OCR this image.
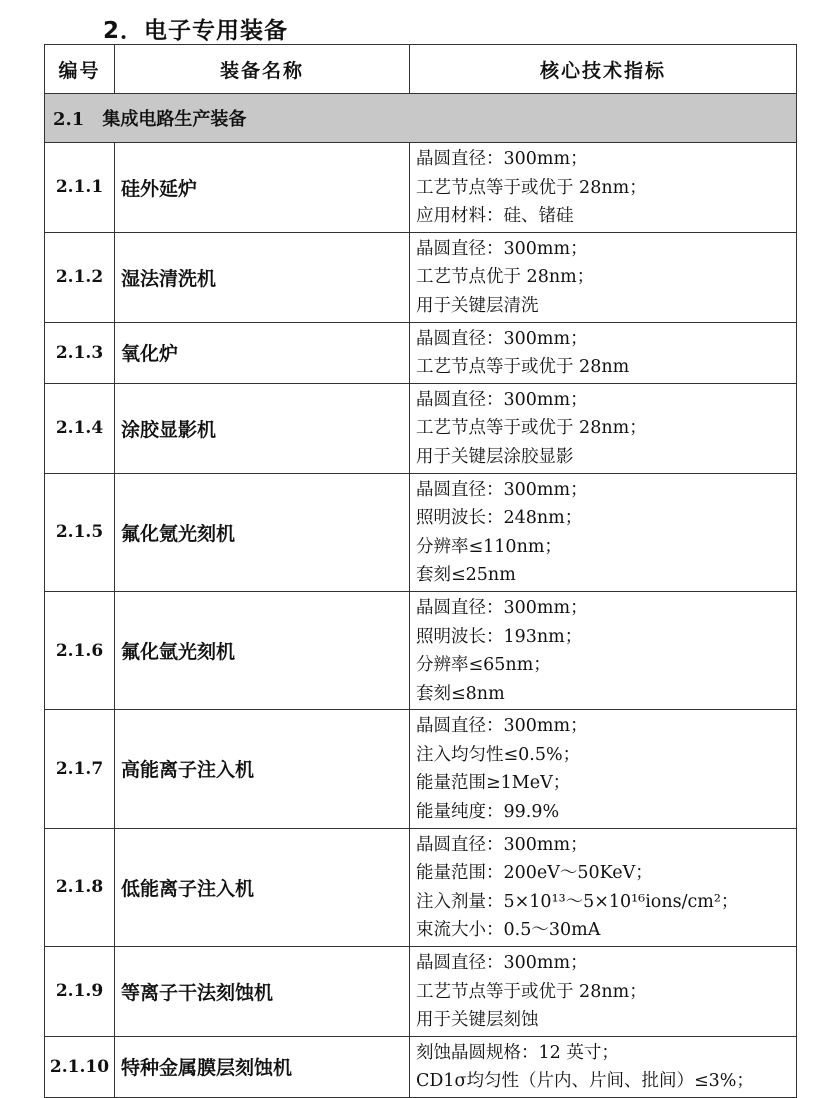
2．电子专用装备
编号	装备名称	核心技术指标
2.1 集成电路生产装备		
2.1.1	硅外延炉	晶圆直径：300mm；
工艺节点等于或优于 28nm；
应用材料：硅、锗硅

2.1.2	湿法清洗机	晶圆直径：300mm；
工艺节点优于 28nm；
用于关键层清洗

2.1.3	氧化炉	晶圆直径：300mm；
工艺节点等于或优于 28nm

2.1.4	涂胶显影机	晶圆直径：300mm；
工艺节点等于或优于 28nm；
用于关键层涂胶显影

2.1.5	氟化氪光刻机	晶圆直径：300mm；
照明波长：248nm；
分辨率≤110nm；
套刻≤25nm

2.1.6	氟化氩光刻机	晶圆直径：300mm；
照明波长：193nm；
分辨率≤65nm；
套刻≤8nm

2.1.7	高能离子注入机	晶圆直径：300mm；
注入均匀性≤0.5%；
能量范围≥1MeV；
能量纯度：99.9%

2.1.8	低能离子注入机	晶圆直径：300mm；
能量范围：200eV～50KeV；
注入剂量：5×10¹³～5×10¹⁶ions/cm²；
束流大小：0.5～30mA

2.1.9	等离子干法刻蚀机	晶圆直径：300mm；
工艺节点等于或优于 28nm；
用于关键层刻蚀

2.1.10	特种金属膜层刻蚀机	刻蚀晶圆规格：12 英寸；
CD1σ均匀性（片内、片间、批间）≤3%；
